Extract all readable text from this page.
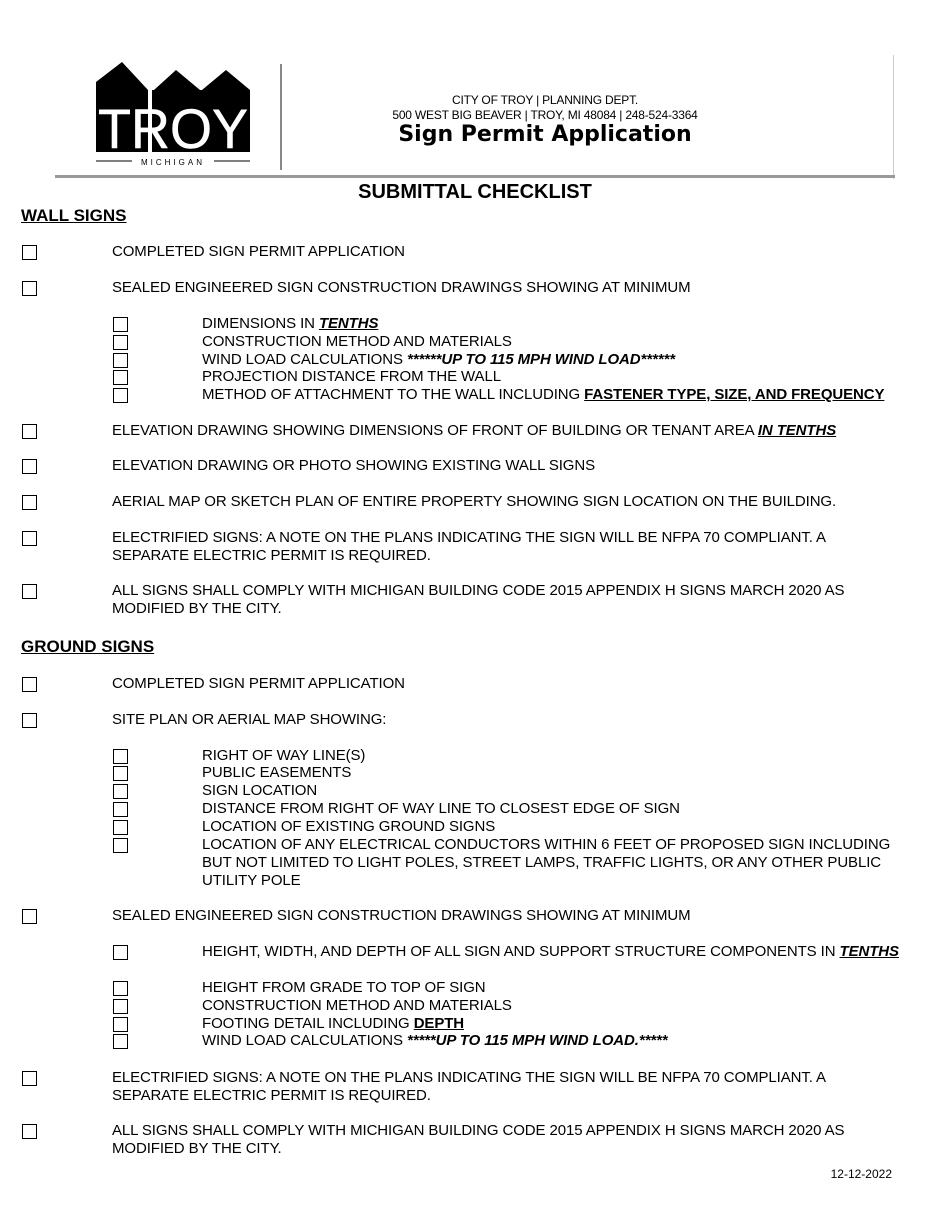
TROY
MICHIGAN
CITY OF TROY | PLANNING DEPT.
500 WEST BIG BEAVER | TROY, MI 48084 | 248-524-3364
Sign Permit Application
SUBMITTAL CHECKLIST
WALL SIGNS
COMPLETED SIGN PERMIT APPLICATION
SEALED ENGINEERED SIGN CONSTRUCTION DRAWINGS SHOWING AT MINIMUM
DIMENSIONS IN TENTHS
CONSTRUCTION METHOD AND MATERIALS
WIND LOAD CALCULATIONS ******UP TO 115 MPH WIND LOAD******
PROJECTION DISTANCE FROM THE WALL
METHOD OF ATTACHMENT TO THE WALL INCLUDING FASTENER TYPE, SIZE, AND FREQUENCY
ELEVATION DRAWING SHOWING DIMENSIONS OF FRONT OF BUILDING OR TENANT AREA IN TENTHS
ELEVATION DRAWING OR PHOTO SHOWING EXISTING WALL SIGNS
AERIAL MAP OR SKETCH PLAN OF ENTIRE PROPERTY SHOWING SIGN LOCATION ON THE BUILDING.
ELECTRIFIED SIGNS: A NOTE ON THE PLANS INDICATING THE SIGN WILL BE NFPA 70 COMPLIANT. A SEPARATE ELECTRIC PERMIT IS REQUIRED.
ALL SIGNS SHALL COMPLY WITH MICHIGAN BUILDING CODE 2015 APPENDIX H SIGNS MARCH 2020 AS MODIFIED BY THE CITY.
GROUND SIGNS
COMPLETED SIGN PERMIT APPLICATION
SITE PLAN OR AERIAL MAP SHOWING:
RIGHT OF WAY LINE(S)
PUBLIC EASEMENTS
SIGN LOCATION
DISTANCE FROM RIGHT OF WAY LINE TO CLOSEST EDGE OF SIGN
LOCATION OF EXISTING GROUND SIGNS
LOCATION OF ANY ELECTRICAL CONDUCTORS WITHIN 6 FEET OF PROPOSED SIGN INCLUDING BUT NOT LIMITED TO LIGHT POLES, STREET LAMPS, TRAFFIC LIGHTS, OR ANY OTHER PUBLIC UTILITY POLE
SEALED ENGINEERED SIGN CONSTRUCTION DRAWINGS SHOWING AT MINIMUM
HEIGHT, WIDTH, AND DEPTH OF ALL SIGN AND SUPPORT STRUCTURE COMPONENTS IN TENTHS
HEIGHT FROM GRADE TO TOP OF SIGN
CONSTRUCTION METHOD AND MATERIALS
FOOTING DETAIL INCLUDING DEPTH
WIND LOAD CALCULATIONS *****UP TO 115 MPH WIND LOAD.*****
ELECTRIFIED SIGNS: A NOTE ON THE PLANS INDICATING THE SIGN WILL BE NFPA 70 COMPLIANT. A SEPARATE ELECTRIC PERMIT IS REQUIRED.
ALL SIGNS SHALL COMPLY WITH MICHIGAN BUILDING CODE 2015 APPENDIX H SIGNS MARCH 2020 AS MODIFIED BY THE CITY.
12-12-2022
